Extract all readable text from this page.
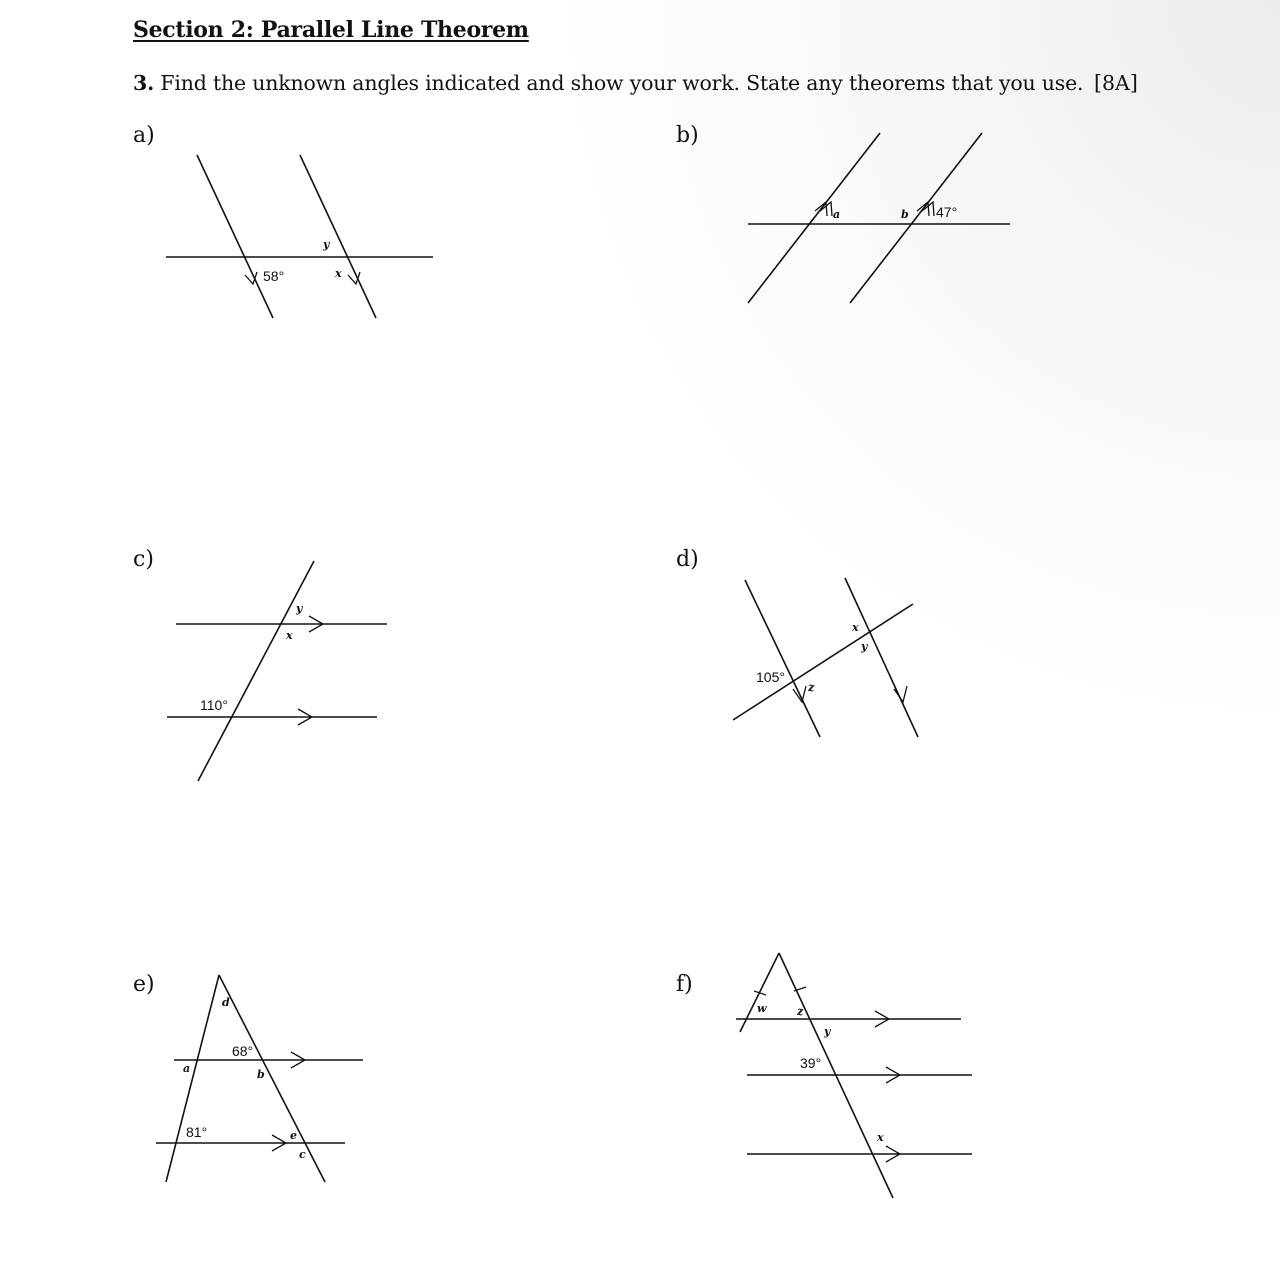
Section 2: Parallel Line Theorem
3. Find the unknown angles indicated and show your work. State any theorems that you use. [8A]
a)	b)
c)	d)
e)	f)
58°
y
x
a	b 47°
y
x
110°
x
y
z
105°
d
68°
a	b
81°	e
c
w	z
y
39°
x
